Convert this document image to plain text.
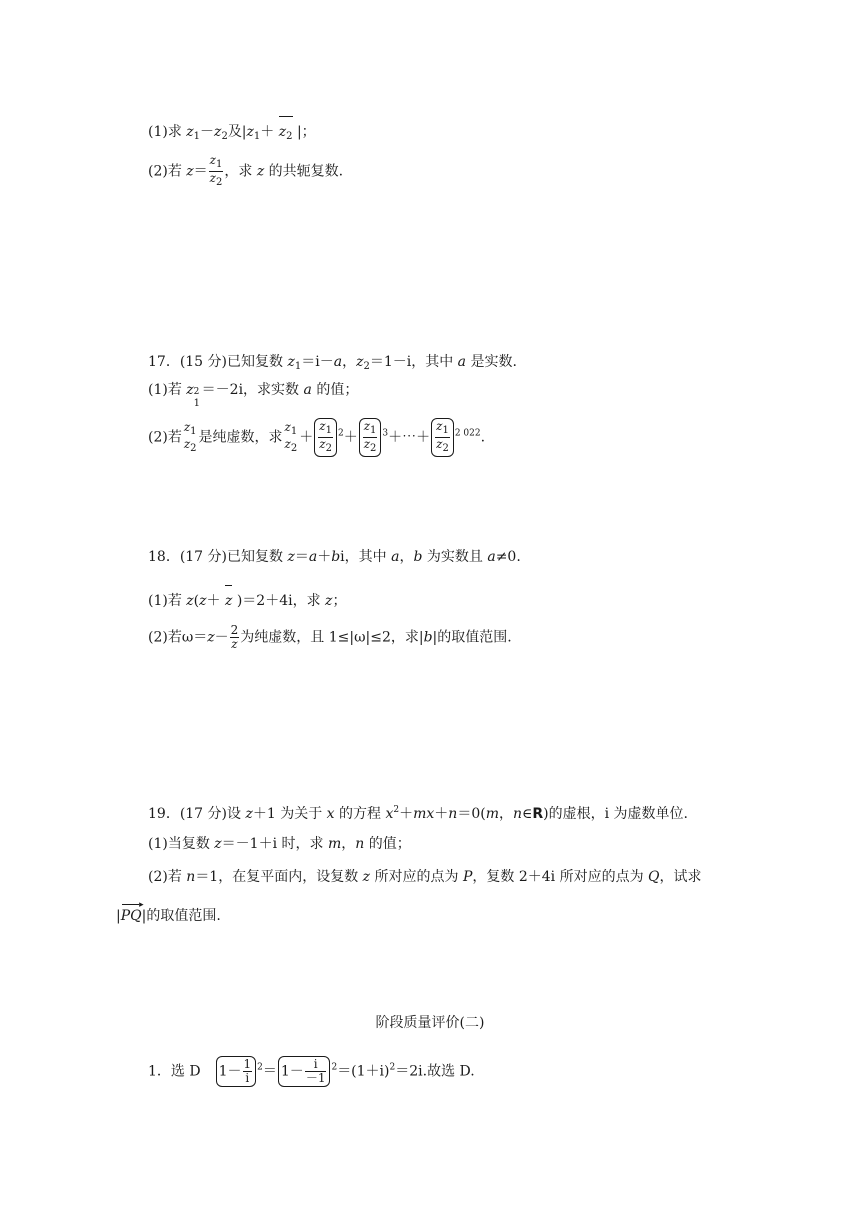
(1)求 $z_1-z_2$及$|z_1+ z_2$ |；
(2)若 $z= \frac{z_1}{z_2}$ ，求 z 的共轭复数.
17．(15 分)已知复数 $z_1=i-a$，$z_2=1-i$，其中 a 是实数.
(1)若 z 2
1
＝－2i，求实数 a 的值；
(2)若
$z_1$
$z_2$
是纯虚数，求
$z_1$
$z_2$
＋ $\frac{z_1}{z_2} ^2+ \frac{z_1}{z_2}$ $^3$＋⋯＋ $\frac{z_1}{z_2} ^{2 022}$.
18．(17 分)已知复数 z＝a＋bi，其中 a，b 为实数且 a≠0.
(1)若 z(z＋ z )＝2＋4i，求 z；
(2)若$\omega=z- \frac{2}{z}$ 为纯虚数，且 1≤|ω|≤2，求|b|的取值范围.
19．(17 分)设 z＋1 为关于 x 的方程 $x^2+mx+n=0(m$，n∈R)的虚根，i 为虚数单位.
(1)当复数 z＝－1＋i 时，求 m，n 的值；
(2)若 n＝1，在复平面内，设复数 z 所对应的点为 P，复数 2＋4i 所对应的点为 Q，试求
|PQ ▸|的取值范围.
阶段质量评价(二)
1．选 D　$1- \frac{1}{i} ^2= 1- \frac{i}{-1} ^2=(1+i)^2=2i$.故选 D.
